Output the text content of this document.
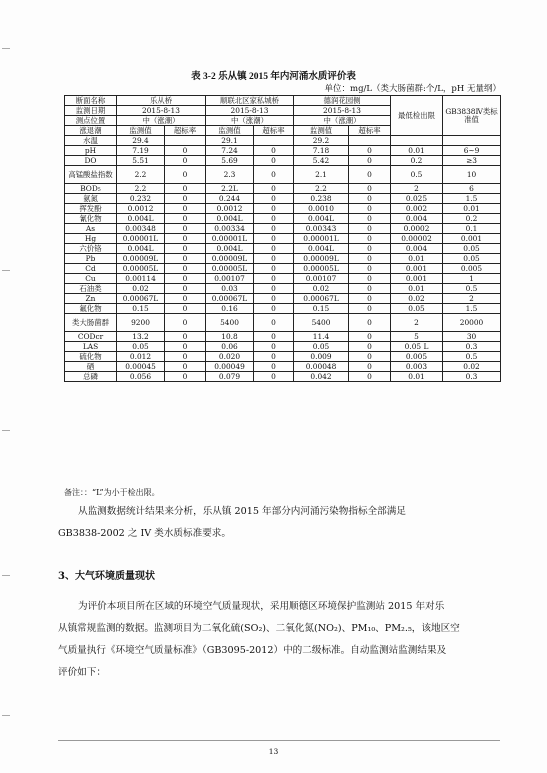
表 3-2 乐从镇 2015 年内河涌水质评价表
单位：mg/L（类大肠菌群:个/L，pH 无量纲）
断面名称	乐从桥		顺联北区家私城桥		德润花园侧		最低检出限	GB3838Ⅳ类标准值
监测日期	2015-8-13		2015-8-13		2015-8-13			
测点位置	中（涨潮）		中（涨潮）		中（涨潮）			
涨退潮	监测值	超标率	监测值	超标率	监测值	超标率		
水温	29.4		29.1		29.2			
pH	7.19	0	7.24	0	7.18	0	0.01	6~9
DO	5.51	0	5.69	0	5.42	0	0.2	≥3
高锰酸盐指数	2.2	0	2.3	0	2.1	0	0.5	10
BOD₅	2.2	0	2.2L	0	2.2	0	2	6
氨氮	0.232	0	0.244	0	0.238	0	0.025	1.5
挥发酚	0.0012	0	0.0012	0	0.0010	0	0.002	0.01
氰化物	0.004L	0	0.004L	0	0.004L	0	0.004	0.2
As	0.00348	0	0.00334	0	0.00343	0	0.0002	0.1
Hg	0.00001L	0	0.00001L	0	0.00001L	0	0.00002	0.001
六价铬	0.004L	0	0.004L	0	0.004L	0	0.004	0.05
Pb	0.00009L	0	0.00009L	0	0.00009L	0	0.01	0.05
Cd	0.00005L	0	0.00005L	0	0.00005L	0	0.001	0.005
Cu	0.00114	0	0.00107	0	0.00107	0	0.001	1
石油类	0.02	0	0.03	0	0.02	0	0.01	0.5
Zn	0.00067L	0	0.00067L	0	0.00067L	0	0.02	2
氟化物	0.15	0	0.16	0	0.15	0	0.05	1.5
类大肠菌群	9200	0	5400	0	5400	0	2	20000
CODcr	13.2	0	10.8	0	11.4	0	5	30
LAS	0.05	0	0.06	0	0.05	0	0.05 L	0.3
硫化物	0.012	0	0.020	0	0.009	0	0.005	0.5
硒	0.00045	0	0.00049	0	0.00048	0	0.003	0.02
总磷	0.056	0	0.079	0	0.042	0	0.01	0.3
备注：：“L”为小于检出限。
从监测数据统计结果来分析，乐从镇 2015 年部分内河涌污染物指标全部满足
GB3838-2002 之 IV 类水质标准要求。
3、大气环境质量现状
为评价本项目所在区域的环境空气质量现状，采用顺德区环境保护监测站 2015 年对乐
从镇常规监测的数据。监测项目为二氧化硫(SO₂)、二氧化氮(NO₂)、PM₁₀、PM₂.₅，该地区空
气质量执行《环境空气质量标准》（GB3095-2012）中的二级标准。自动监测站监测结果及
评价如下：
13
